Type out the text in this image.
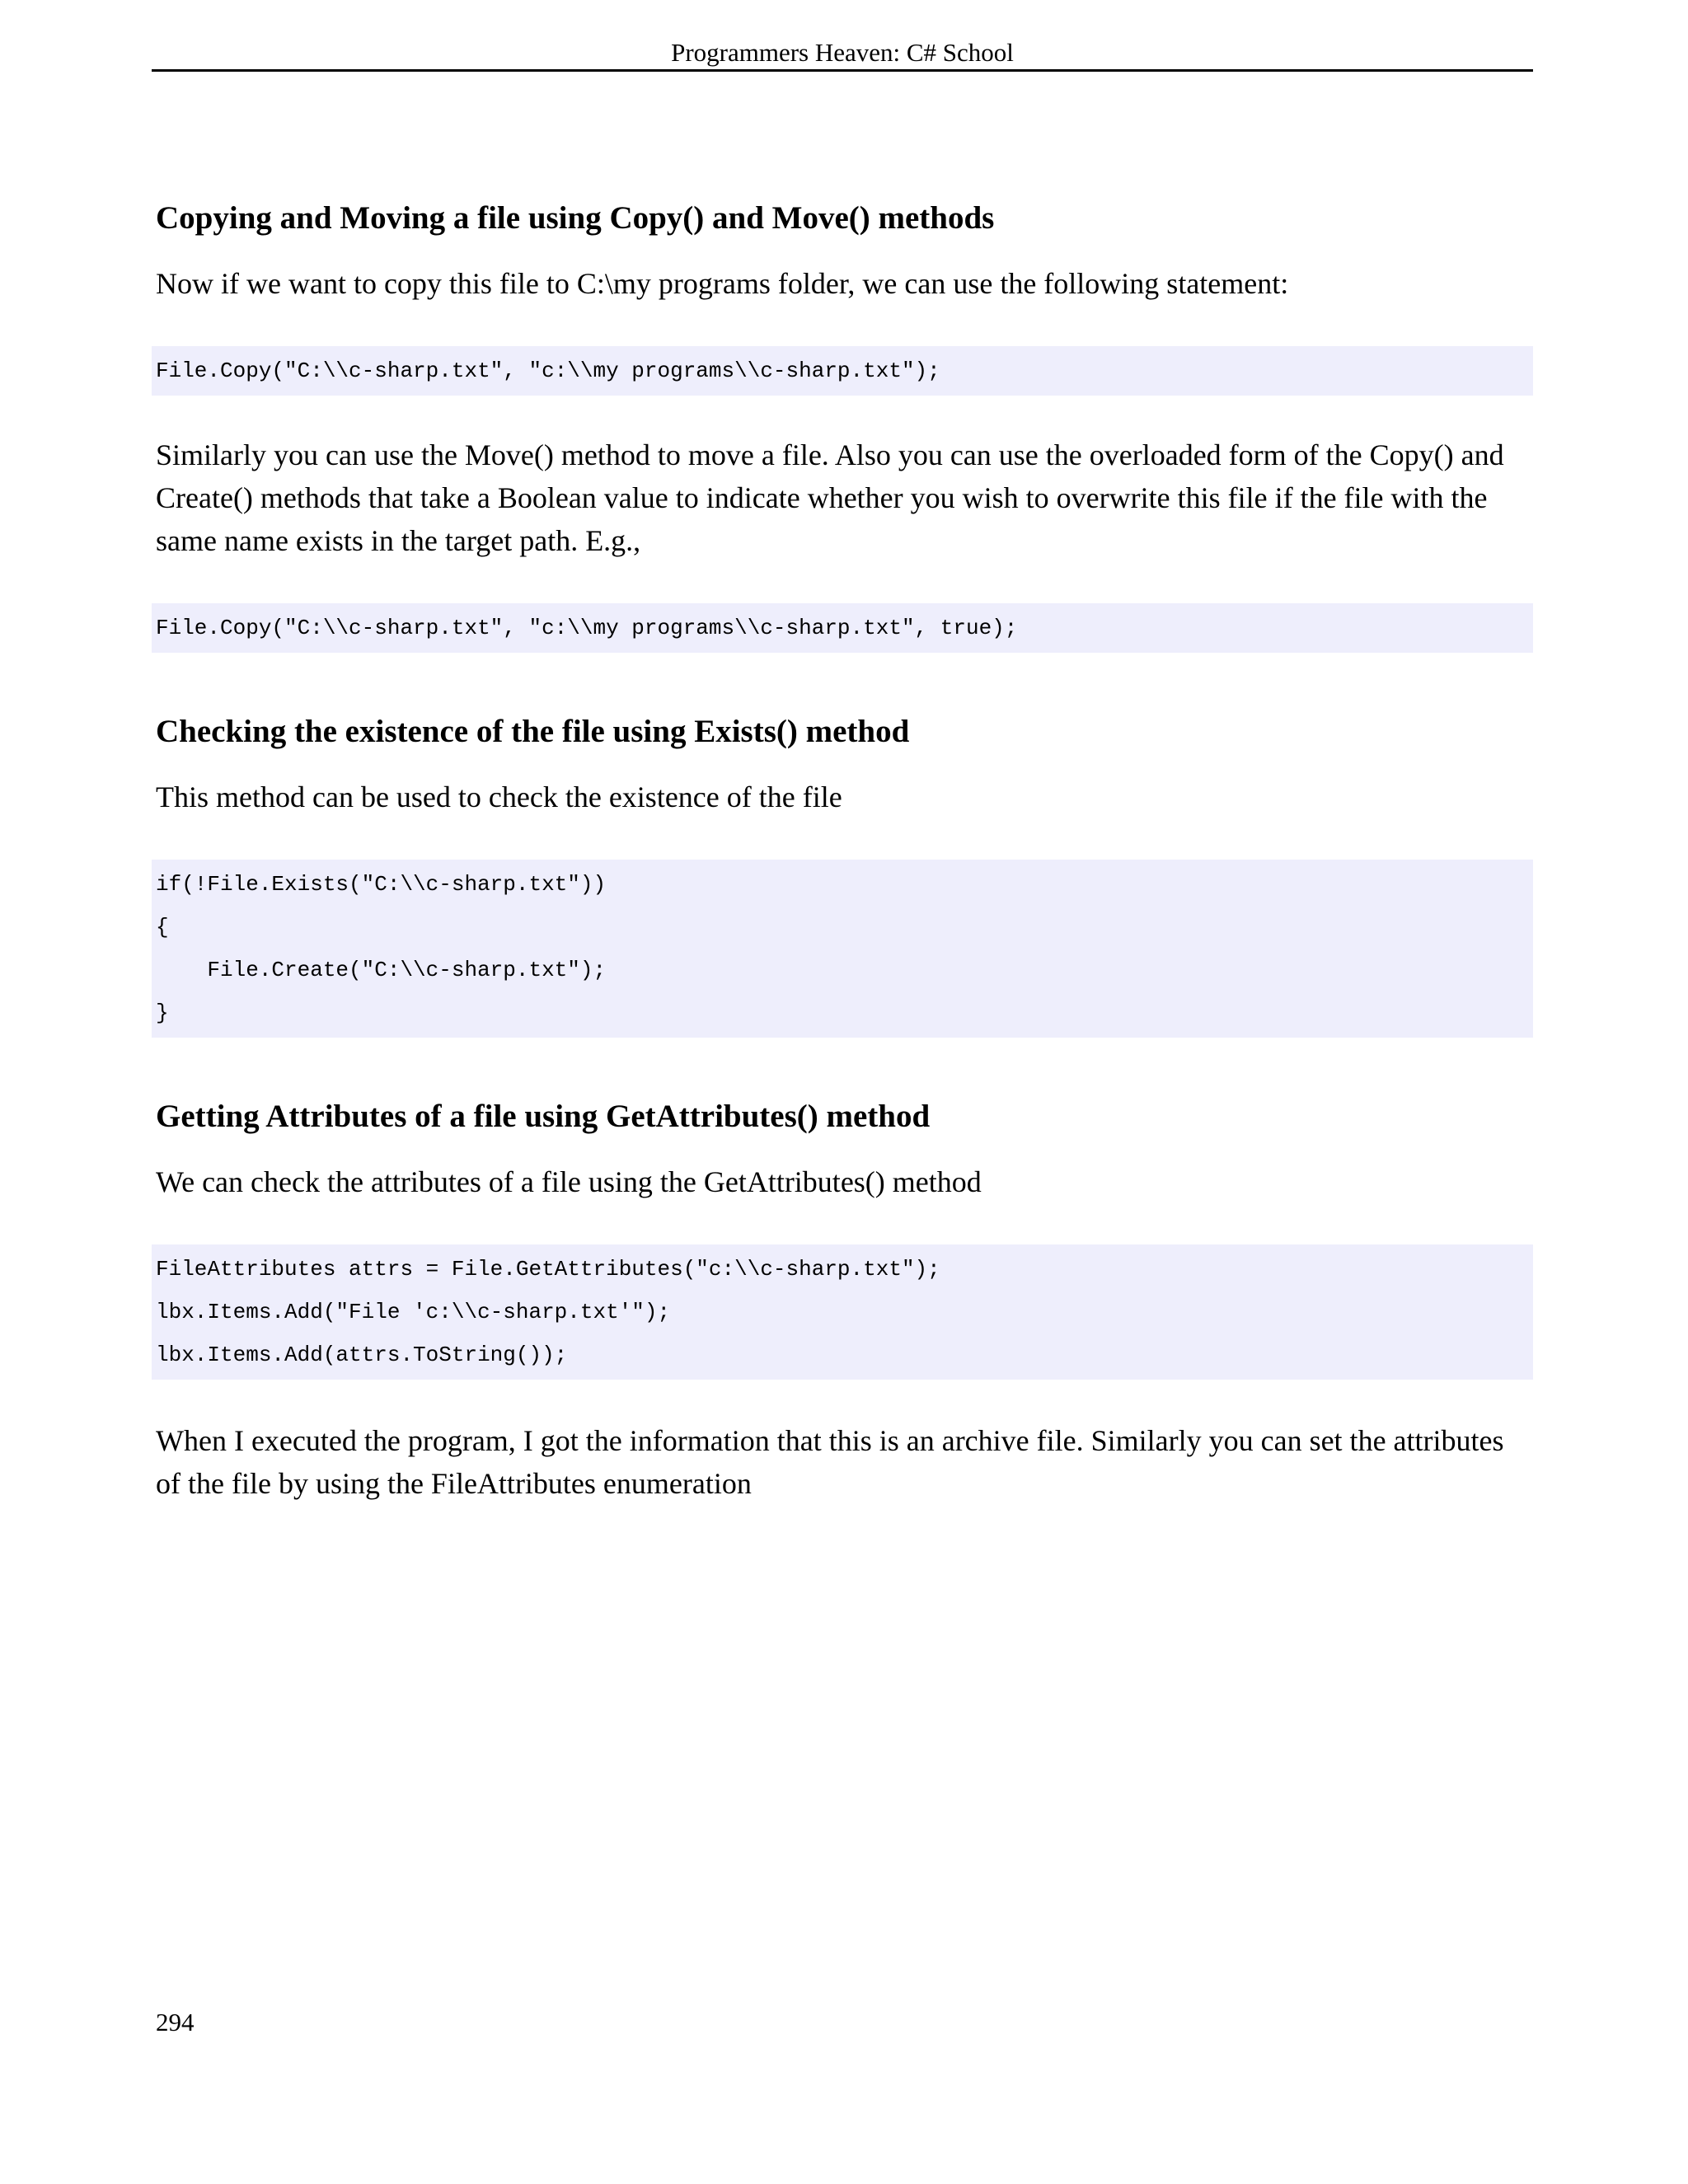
Programmers Heaven: C# School
Copying and Moving a file using Copy() and Move() methods

Now if we want to copy this file to C:\my programs folder, we can use the following statement:

File.Copy("C:\\c-sharp.txt", "c:\\my programs\\c-sharp.txt");

Similarly you can use the Move() method to move a file. Also you can use the overloaded form of the Copy() and Create() methods that take a Boolean value to indicate whether you wish to overwrite this file if the file with the same name exists in the target path. E.g.,

File.Copy("C:\\c-sharp.txt", "c:\\my programs\\c-sharp.txt", true);
Checking the existence of the file using Exists() method

This method can be used to check the existence of the file

if(!File.Exists("C:\\c-sharp.txt"))
{
File.Create("C:\\c-sharp.txt");
}
Getting Attributes of a file using GetAttributes() method

We can check the attributes of a file using the GetAttributes() method

FileAttributes attrs = File.GetAttributes("c:\\c-sharp.txt");
lbx.Items.Add("File 'c:\\c-sharp.txt'");
lbx.Items.Add(attrs.ToString());

When I executed the program, I got the information that this is an archive file. Similarly you can set the attributes of the file by using the FileAttributes enumeration

294
